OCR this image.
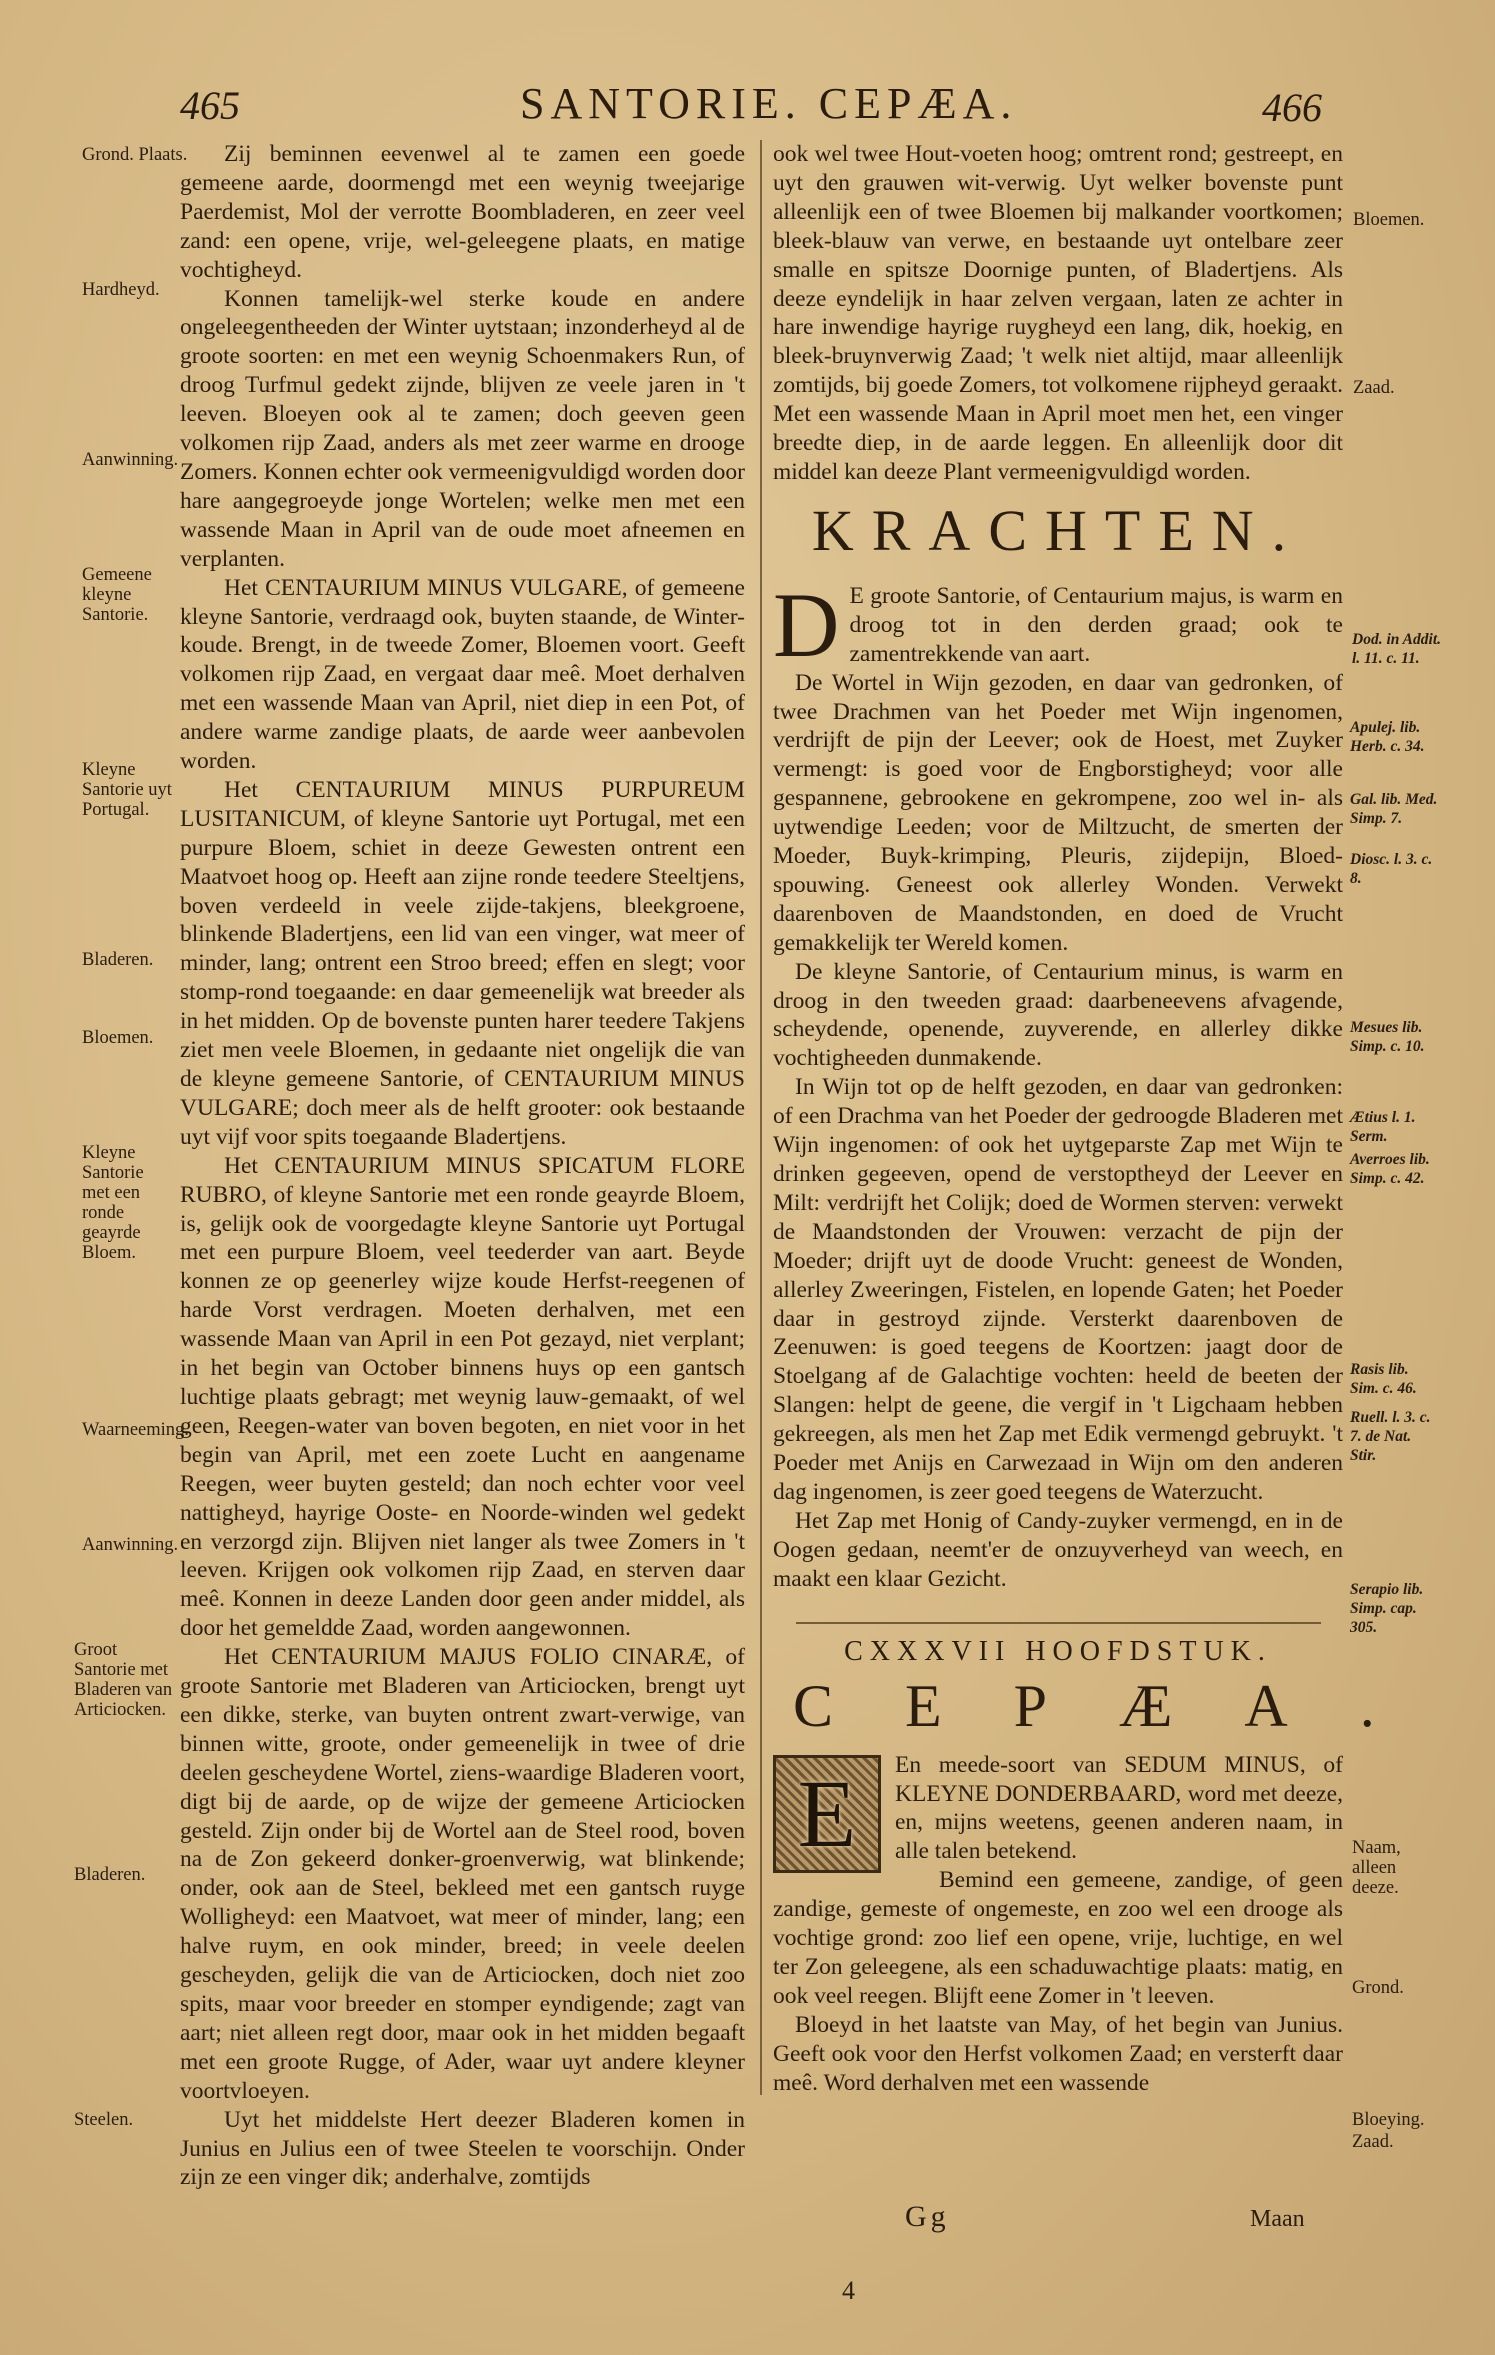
465	SANTORIE. CEPÆA.	466
Grond. Plaats.
Hardheyd.
Aanwinning.
Gemeene kleyne Santorie.
Kleyne Santorie uyt Portugal.
Bladeren.
Bloemen.
Kleyne Santorie met een ronde geayrde Bloem.
Waarneeming.
Aanwinning.
Groot Santorie met Bladeren van Articiocken.
Bladeren.
Steelen.

Zij beminnen eevenwel al te zamen een goede gemeene aarde, doormengd met een weynig tweejarige Paerdemist, Mol der verrotte Boombladeren, en zeer veel zand: een opene, vrije, wel-geleegene plaats, en matige vochtigheyd.

Konnen tamelijk-wel sterke koude en andere ongeleegentheeden der Winter uytstaan; inzonderheyd al de groote soorten: en met een weynig Schoenmakers Run, of droog Turfmul gedekt zijnde, blijven ze veele jaren in 't leeven. Bloeyen ook al te zamen; doch geeven geen volkomen rijp Zaad, anders als met zeer warme en drooge Zomers. Konnen echter ook vermeenigvuldigd worden door hare aangegroeyde jonge Wortelen; welke men met een wassende Maan in April van de oude moet afneemen en verplanten.

Het CENTAURIUM MINUS VULGARE, of gemeene kleyne Santorie, verdraagd ook, buyten staande, de Winter-koude. Brengt, in de tweede Zomer, Bloemen voort. Geeft volkomen rijp Zaad, en vergaat daar meê. Moet derhalven met een wassende Maan van April, niet diep in een Pot, of andere warme zandige plaats, de aarde weer aanbevolen worden.

Het CENTAURIUM MINUS PURPUREUM LUSITANICUM, of kleyne Santorie uyt Portugal, met een purpure Bloem, schiet in deeze Gewesten ontrent een Maatvoet hoog op. Heeft aan zijne ronde teedere Steeltjens, boven verdeeld in veele zijde-takjens, bleekgroene, blinkende Bladertjens, een lid van een vinger, wat meer of minder, lang; ontrent een Stroo breed; effen en slegt; voor stomp-rond toegaande: en daar gemeenelijk wat breeder als in het midden. Op de bovenste punten harer teedere Takjens ziet men veele Bloemen, in gedaante niet ongelijk die van de kleyne gemeene Santorie, of CENTAURIUM MINUS VULGARE; doch meer als de helft grooter: ook bestaande uyt vijf voor spits toegaande Bladertjens.

Het CENTAURIUM MINUS SPICATUM FLORE RUBRO, of kleyne Santorie met een ronde geayrde Bloem, is, gelijk ook de voorgedagte kleyne Santorie uyt Portugal met een purpure Bloem, veel teederder van aart. Beyde konnen ze op geenerley wijze koude Herfst-reegenen of harde Vorst verdragen. Moeten derhalven, met een wassende Maan van April in een Pot gezayd, niet verplant; in het begin van October binnens huys op een gantsch luchtige plaats gebragt; met weynig lauw-gemaakt, of wel geen, Reegen-water van boven begoten, en niet voor in het begin van April, met een zoete Lucht en aangename Reegen, weer buyten gesteld; dan noch echter voor veel nattigheyd, hayrige Ooste- en Noorde-winden wel gedekt en verzorgd zijn. Blijven niet langer als twee Zomers in 't leeven. Krijgen ook volkomen rijp Zaad, en sterven daar meê. Konnen in deeze Landen door geen ander middel, als door het gemeldde Zaad, worden aangewonnen.

Het CENTAURIUM MAJUS FOLIO CINARÆ, of groote Santorie met Bladeren van Articiocken, brengt uyt een dikke, sterke, van buyten ontrent zwart-verwige, van binnen witte, groote, onder gemeenelijk in twee of drie deelen gescheydene Wortel, ziens-waardige Bladeren voort, digt bij de aarde, op de wijze der gemeene Articiocken gesteld. Zijn onder bij de Wortel aan de Steel rood, boven na de Zon gekeerd donker-groenverwig, wat blinkende; onder, ook aan de Steel, bekleed met een gantsch ruyge Wolligheyd: een Maatvoet, wat meer of minder, lang; een halve ruym, en ook minder, breed; in veele deelen gescheyden, gelijk die van de Articiocken, doch niet zoo spits, maar voor breeder en stomper eyndigende; zagt van aart; niet alleen regt door, maar ook in het midden begaaft met een groote Rugge, of Ader, waar uyt andere kleyner voortvloeyen.

Uyt het middelste Hert deezer Bladeren komen in Junius en Julius een of twee Steelen te voorschijn. Onder zijn ze een vinger dik; anderhalve, zomtijds

ook wel twee Hout-voeten hoog; omtrent rond; gestreept, en uyt den grauwen wit-verwig. Uyt welker bovenste punt alleenlijk een of twee Bloemen bij malkander voortkomen; bleek-blauw van verwe, en bestaande uyt ontelbare zeer smalle en spitsze Doornige punten, of Bladertjens. Als deeze eyndelijk in haar zelven vergaan, laten ze achter in hare inwendige hayrige ruygheyd een lang, dik, hoekig, en bleek-bruynverwig Zaad; 't welk niet altijd, maar alleenlijk zomtijds, bij goede Zomers, tot volkomene rijpheyd geraakt. Met een wassende Maan in April moet men het, een vinger breedte diep, in de aarde leggen. En alleenlijk door dit middel kan deeze Plant vermeenigvuldigd worden.

KRACHTEN.

D E groote Santorie, of Centaurium majus, is warm en droog tot in den derden graad; ook te zamentrekkende van aart.

De Wortel in Wijn gezoden, en daar van gedronken, of twee Drachmen van het Poeder met Wijn ingenomen, verdrijft de pijn der Leever; ook de Hoest, met Zuyker vermengt: is goed voor de Engborstigheyd; voor alle gespannene, gebrookene en gekrompene, zoo wel in- als uytwendige Leeden; voor de Miltzucht, de smerten der Moeder, Buyk-krimping, Pleuris, zijdepijn, Bloed-spouwing. Geneest ook allerley Wonden. Verwekt daarenboven de Maandstonden, en doed de Vrucht gemakkelijk ter Wereld komen.

De kleyne Santorie, of Centaurium minus, is warm en droog in den tweeden graad: daarbeneevens afvagende, scheydende, openende, zuyverende, en allerley dikke vochtigheeden dunmakende.

In Wijn tot op de helft gezoden, en daar van gedronken: of een Drachma van het Poeder der gedroogde Bladeren met Wijn ingenomen: of ook het uytgeparste Zap met Wijn te drinken gegeeven, opend de verstoptheyd der Leever en Milt: verdrijft het Colijk; doed de Wormen sterven: verwekt de Maandstonden der Vrouwen: verzacht de pijn der Moeder; drijft uyt de doode Vrucht: geneest de Wonden, allerley Zweeringen, Fistelen, en lopende Gaten; het Poeder daar in gestroyd zijnde. Versterkt daarenboven de Zeenuwen: is goed teegens de Koortzen: jaagt door de Stoelgang af de Galachtige vochten: heeld de beeten der Slangen: helpt de geene, die vergif in 't Ligchaam hebben gekreegen, als men het Zap met Edik vermengd gebruykt. 't Poeder met Anijs en Carwezaad in Wijn om den anderen dag ingenomen, is zeer goed teegens de Waterzucht.

Het Zap met Honig of Candy-zuyker vermengd, en in de Oogen gedaan, neemt'er de onzuyverheyd van weech, en maakt een klaar Gezicht.

CXXXVII HOOFDSTUK.
CEPÆA.

E	En meede-soort van SEDUM MINUS, of KLEYNE DONDERBAARD, word met deeze, en, mijns weetens, geenen anderen naam, in alle talen betekend.

Bemind een gemeene, zandige, of geen zandige, gemeste of ongemeste, en zoo wel een drooge als vochtige grond: zoo lief een opene, vrije, luchtige, en wel ter Zon geleegene, als een schaduwachtige plaats: matig, en ook veel reegen. Blijft eene Zomer in 't leeven.

Bloeyd in het laatste van May, of het begin van Junius. Geeft ook voor den Herfst volkomen Zaad; en versterft daar meê. Word derhalven met een wassende

Bloemen.
Zaad.
Dod. in Addit. l. 11. c. 11.
Apulej. lib. Herb. c. 34.
Gal. lib. Med. Simp. 7.
Diosc. l. 3. c. 8.
Mesues lib. Simp. c. 10.
Ætius l. 1. Serm.
Averroes lib. Simp. c. 42.
Rasis lib. Sim. c. 46.
Ruell. l. 3. c. 7. de Nat. Stir.
Serapio lib. Simp. cap. 305.
Naam, alleen deeze.
Grond.
Bloeying.
Zaad.
Gg	Maan
4
